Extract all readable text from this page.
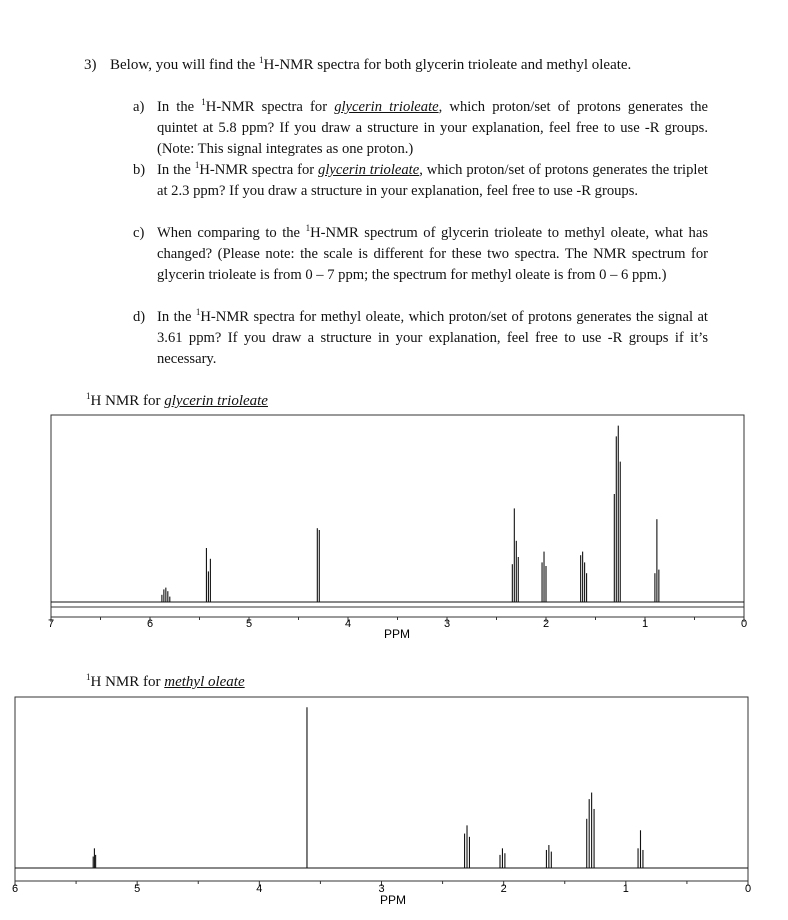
3) Below, you will find the $^1$H-NMR spectra for both glycerin trioleate and methyl oleate.
a) In the $^1$H-NMR spectra for glycerin trioleate, which proton/set of protons generates the quintet at 5.8 ppm? If you draw a structure in your explanation, feel free to use -R groups. (Note: This signal integrates as one proton.)
b) In the $^1$H-NMR spectra for glycerin trioleate, which proton/set of protons generates the triplet at 2.3 ppm? If you draw a structure in your explanation, feel free to use -R groups.
c) When comparing to the $^1$H-NMR spectrum of glycerin trioleate to methyl oleate, what has changed? (Please note: the scale is different for these two spectra. The NMR spectrum for glycerin trioleate is from 0 – 7 ppm; the spectrum for methyl oleate is from 0 – 6 ppm.)
d) In the $^1$H-NMR spectra for methyl oleate, which proton/set of protons generates the signal at 3.61 ppm? If you draw a structure in your explanation, feel free to use -R groups if it’s necessary.
$^1$H NMR for glycerin trioleate
7	6	5	4	3	2	1	0
PPM
$^1$H NMR for methyl oleate
6	5	4	3	2	1	0
PPM
